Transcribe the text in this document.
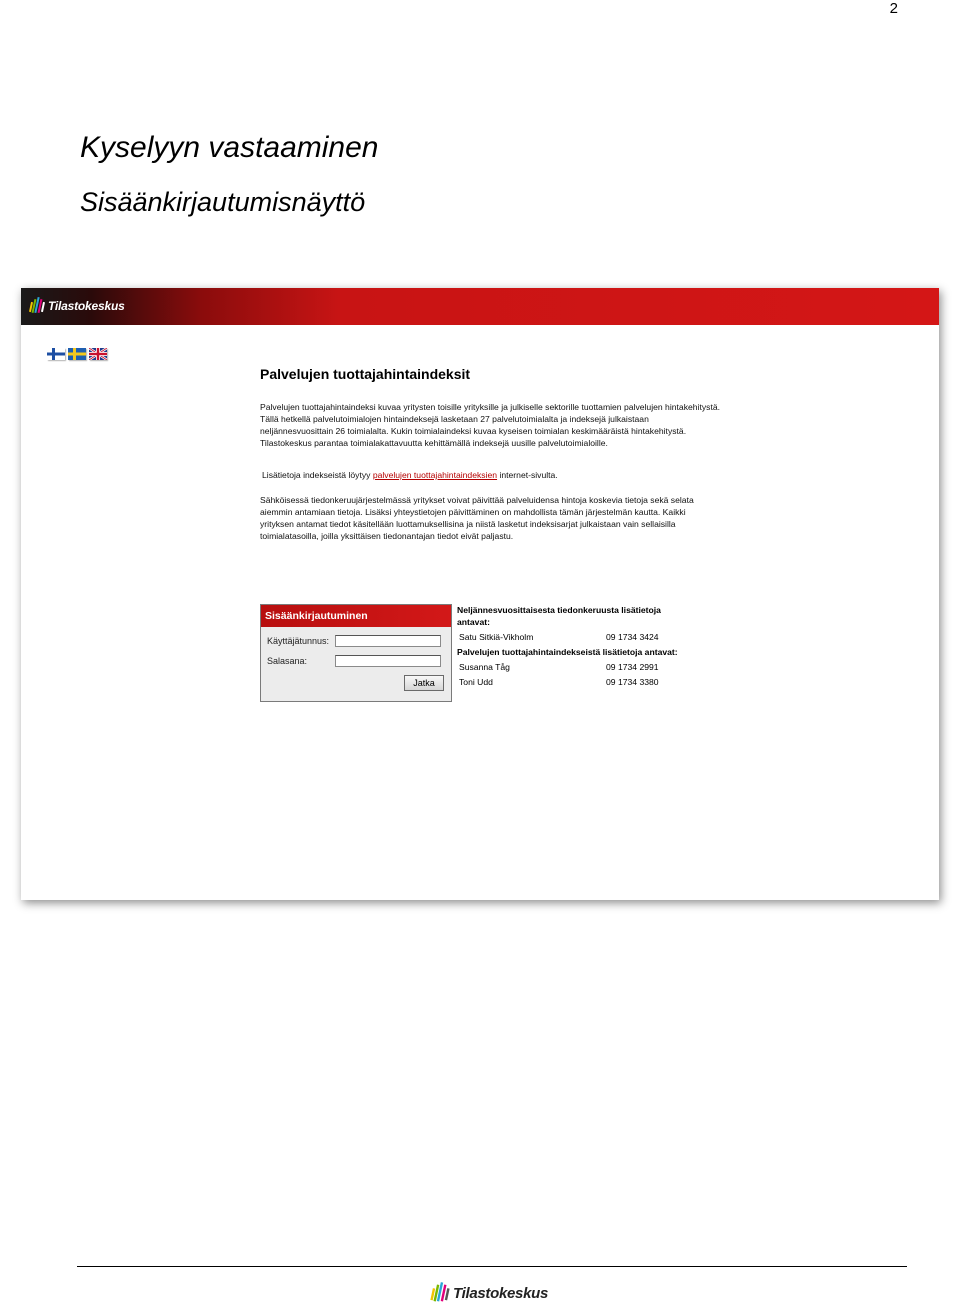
2
Kyselyyn vastaaminen
Sisäänkirjautumisnäyttö
Tilastokeskus
Palvelujen tuottajahintaindeksit

Palvelujen tuottajahintaindeksi kuvaa yritysten toisille yrityksille ja julkiselle sektorille tuottamien palvelujen hintakehitystä. Tällä hetkellä palvelutoimialojen hintaindeksejä lasketaan 27 palvelutoimialalta ja indeksejä julkaistaan neljännesvuosittain 26 toimialalta. Kukin toimialaindeksi kuvaa kyseisen toimialan keskimääräistä hintakehitystä. Tilastokeskus parantaa toimialakattavuutta kehittämällä indeksejä uusille palvelutoimialoille.

Lisätietoja indekseistä löytyy palvelujen tuottajahintaindeksien internet-sivulta.

Sähköisessä tiedonkeruujärjestelmässä yritykset voivat päivittää palveluidensa hintoja koskevia tietoja sekä selata aiemmin antamiaan tietoja. Lisäksi yhteystietojen päivittäminen on mahdollista tämän järjestelmän kautta. Kaikki yrityksen antamat tiedot käsitellään luottamuksellisina ja niistä lasketut indeksisarjat julkaistaan vain sellaisilla toimialatasoilla, joilla yksittäisen tiedonantajan tiedot eivät paljastu.

Sisäänkirjautuminen
Käyttäjätunnus:
Salasana:
Jatka

Neljännesvuosittaisesta tiedonkeruusta lisätietoja antavat:

Satu Sitkiä-Vikholm	09 1734 3424

Palvelujen tuottajahintaindekseistä lisätietoja antavat:

Susanna Tåg	09 1734 2991
Toni Udd	09 1734 3380
Tilastokeskus
